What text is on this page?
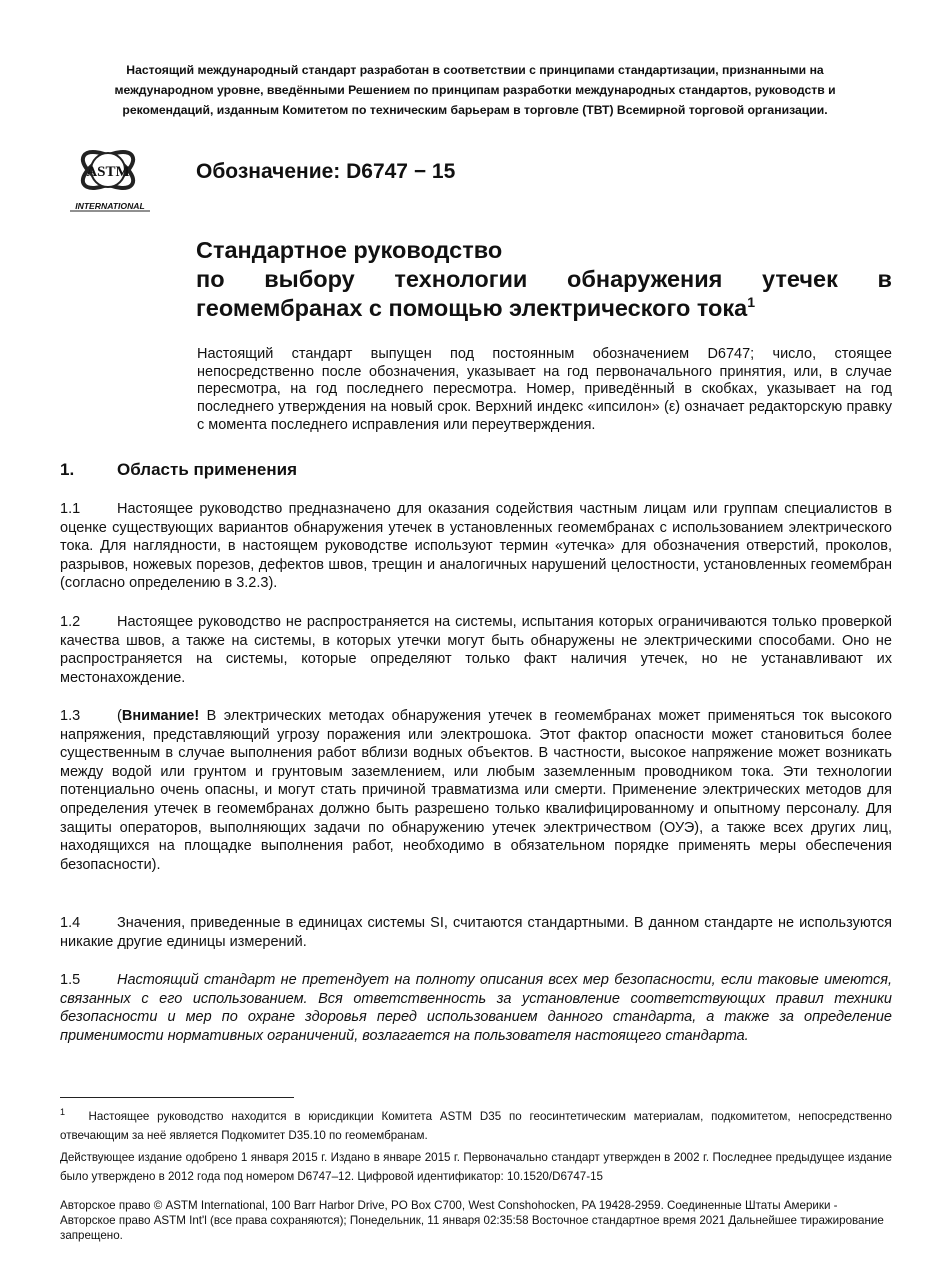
Настоящий международный стандарт разработан в соответствии с принципами стандартизации, признанными на международном уровне, введёнными Решением по принципам разработки международных стандартов, руководств и рекомендаций, изданным Комитетом по техническим барьерам в торговле (ТВТ) Всемирной торговой организации.
ASTM
INTERNATIONAL
Обозначение: D6747 − 15
Стандартное руководство
по выбору технологии обнаружения утечек в
геомембранах с помощью электрического тока$^1$
Настоящий стандарт выпущен под постоянным обозначением D6747; число, стоящее непосредственно после обозначения, указывает на год первоначального принятия, или, в случае пересмотра, на год последнего пересмотра. Номер, приведённый в скобках, указывает на год последнего утверждения на новый срок. Верхний индекс «ипсилон» (ε) означает редакторскую правку с момента последнего исправления или переутверждения.
1.	Область применения
1.1	Настоящее руководство предназначено для оказания содействия частным лицам или группам специалистов в оценке существующих вариантов обнаружения утечек в установленных геомембранах с использованием электрического тока. Для наглядности, в настоящем руководстве используют термин «утечка» для обозначения отверстий, проколов, разрывов, ножевых порезов, дефектов швов, трещин и аналогичных нарушений целостности, установленных геомембран (согласно определению в 3.2.3).
1.2	Настоящее руководство не распространяется на системы, испытания которых ограничиваются только проверкой качества швов, а также на системы, в которых утечки могут быть обнаружены не электрическими способами. Оно не распространяется на системы, которые определяют только факт наличия утечек, но не устанавливают их местонахождение.
1.3	(Внимание! В электрических методах обнаружения утечек в геомембранах может применяться ток высокого напряжения, представляющий угрозу поражения или электрошока. Этот фактор опасности может становиться более существенным в случае выполнения работ вблизи водных объектов. В частности, высокое напряжение может возникать между водой или грунтом и грунтовым заземлением, или любым заземленным проводником тока. Эти технологии потенциально очень опасны, и могут стать причиной травматизма или смерти. Применение электрических методов для определения утечек в геомембранах должно быть разрешено только квалифицированному и опытному персоналу. Для защиты операторов, выполняющих задачи по обнаружению утечек электричеством (ОУЭ), а также всех других лиц, находящихся на площадке выполнения работ, необходимо в обязательном порядке применять меры обеспечения безопасности).
1.4	Значения, приведенные в единицах системы SI, считаются стандартными. В данном стандарте не используются никакие другие единицы измерений.
1.5	Настоящий стандарт не претендует на полноту описания всех мер безопасности, если таковые имеются, связанных с его использованием. Вся ответственность за установление соответствующих правил техники безопасности и мер по охране здоровья перед использованием данного стандарта, а также за определение применимости нормативных ограничений, возлагается на пользователя настоящего стандарта.
$^1$ Настоящее руководство находится в юрисдикции Комитета ASTM D35 по геосинтетическим материалам, подкомитетом, непосредственно отвечающим за неё является Подкомитет D35.10 по геомембранам.
Действующее издание одобрено 1 января 2015 г. Издано в январе 2015 г. Первоначально стандарт утвержден в 2002 г. Последнее предыдущее издание было утверждено в 2012 года под номером D6747–12. Цифровой идентификатор: 10.1520/D6747-15
Авторское право © ASTM International, 100 Barr Harbor Drive, PO Box C700, West Conshohocken, PA 19428-2959. Соединенные Штаты Америки - Авторское право ASTM Int'l (все права сохраняются); Понедельник, 11 января 02:35:58 Восточное стандартное время 2021 Дальнейшее тиражирование запрещено.
